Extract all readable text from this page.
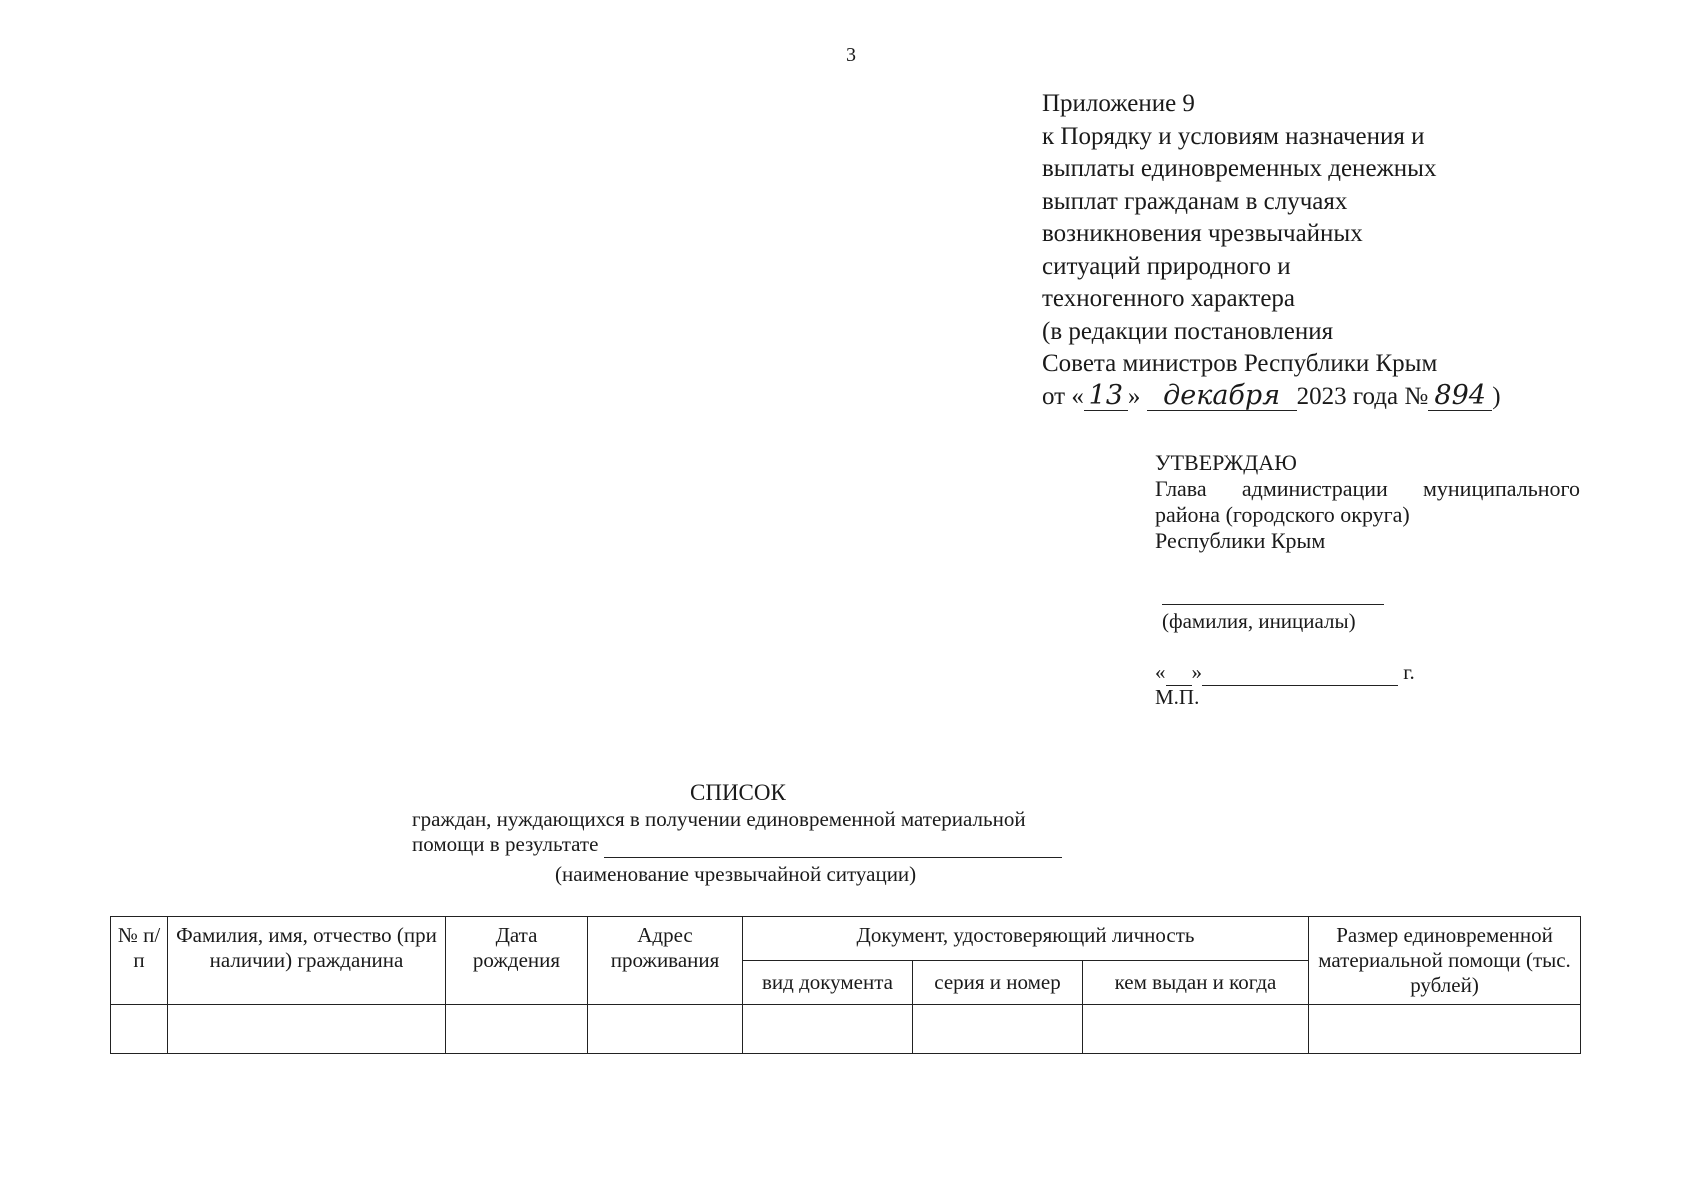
3
Приложение 9
к Порядку и условиям назначения и
выплаты единовременных денежных
выплат гражданам в случаях
возникновения чрезвычайных
ситуаций природного и
техногенного характера
(в редакции постановления
Совета министров Республики Крым
от « 13 » декабря 2023 года № 894 )
УТВЕРЖДАЮ
Глава администрации муниципального
района (городского округа)
Республики Крым
(фамилия, инициалы)
« »	г.
М.П.
СПИСОК
граждан, нуждающихся в получении единовременной материальной
помощи в результате
(наименование чрезвычайной ситуации)
№ п/п	Фамилия, имя, отчество (при наличии) гражданина	Дата рождения	Адрес проживания	Документ, удостоверяющий личность			Размер единовременной материальной помощи (тыс. рублей)
				вид документа	серия и номер	кем выдан и когда	
